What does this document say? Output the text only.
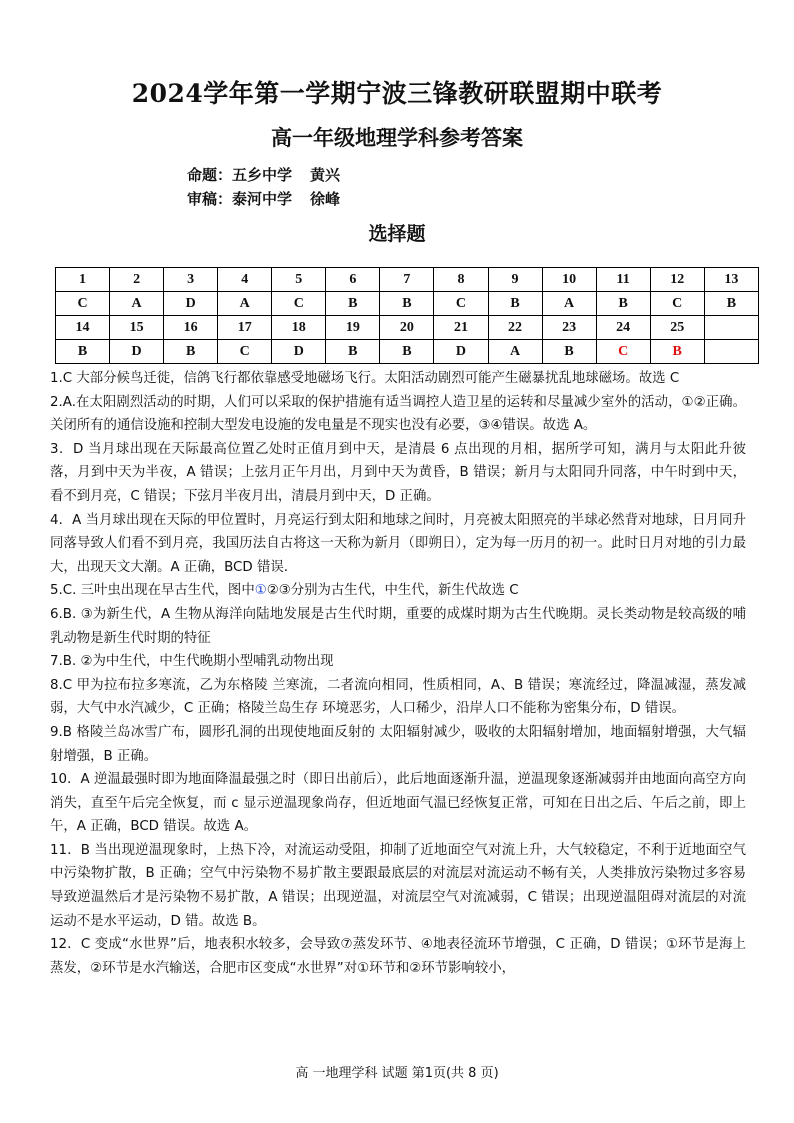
2024学年第一学期宁波三锋教研联盟期中联考
高一年级地理学科参考答案
命题：五乡中学 黄兴
审稿：泰河中学 徐峰
选择题
1	2	3	4	5	6	7	8	9	10	11	12	13
C	A	D	A	C	B	B	C	B	A	B	C	B
14	15	16	17	18	19	20	21	22	23	24	25	
B	D	B	C	D	B	B	D	A	B	C	B	

1.C 大部分候鸟迁徙，信鸽飞行都依靠感受地磁场飞行。太阳活动剧烈可能产生磁暴扰乱地球磁场。故选 C

2.A.在太阳剧烈活动的时期，人们可以采取的保护措施有适当调控人造卫星的运转和尽量减少室外的活动，①②正确。关闭所有的通信设施和控制大型发电设施的发电量是不现实也没有必要，③④错误。故选 A。

3．D 当月球出现在天际最高位置乙处时正值月到中天，是清晨 6 点出现的月相，据所学可知，满月与太阳此升彼落，月到中天为半夜，A 错误；上弦月正午月出，月到中天为黄昏，B 错误；新月与太阳同升同落，中午时到中天，看不到月亮，C 错误；下弦月半夜月出，清晨月到中天，D 正确。

4．A 当月球出现在天际的甲位置时，月亮运行到太阳和地球之间时，月亮被太阳照亮的半球必然背对地球，日月同升同落导致人们看不到月亮，我国历法自古将这一天称为新月（即朔日），定为每一历月的初一。此时日月对地的引力最大，出现天文大潮。A 正确，BCD 错误.

5.C. 三叶虫出现在早古生代，图中①②③分别为古生代，中生代，新生代故选 C

6.B. ③为新生代，A 生物从海洋向陆地发展是古生代时期，重要的成煤时期为古生代晚期。灵长类动物是较高级的哺乳动物是新生代时期的特征

7.B. ②为中生代，中生代晚期小型哺乳动物出现

8.C 甲为拉布拉多寒流，乙为东格陵 兰寒流，二者流向相同，性质相同，A、B 错误；寒流经过，降温减湿，蒸发减弱，大气中水汽减少，C 正确；格陵兰岛生存 环境恶劣，人口稀少，沿岸人口不能称为密集分布，D 错误。

9.B 格陵兰岛冰雪广布，圆形孔洞的出现使地面反射的 太阳辐射减少，吸收的太阳辐射增加，地面辐射增强，大气辐 射增强，B 正确。

10．A 逆温最强时即为地面降温最强之时（即日出前后），此后地面逐渐升温，逆温现象逐渐减弱并由地面向高空方向消失，直至午后完全恢复，而 c 显示逆温现象尚存，但近地面气温已经恢复正常，可知在日出之后、午后之前，即上午，A 正确，BCD 错误。故选 A。

11．B 当出现逆温现象时，上热下冷，对流运动受阻，抑制了近地面空气对流上升，大气较稳定，不利于近地面空气中污染物扩散，B 正确；空气中污染物不易扩散主要跟最底层的对流层对流运动不畅有关，人类排放污染物过多容易导致逆温然后才是污染物不易扩散，A 错误；出现逆温，对流层空气对流减弱，C 错误；出现逆温阻碍对流层的对流运动不是水平运动，D 错。故选 B。

12．C 变成“水世界”后，地表积水较多，会导致⑦蒸发环节、④地表径流环节增强，C 正确，D 错误；①环节是海上蒸发，②环节是水汽输送，合肥市区变成“水世界”对①环节和②环节影响较小，

高 一地理学科 试题 第1页(共 8 页)
